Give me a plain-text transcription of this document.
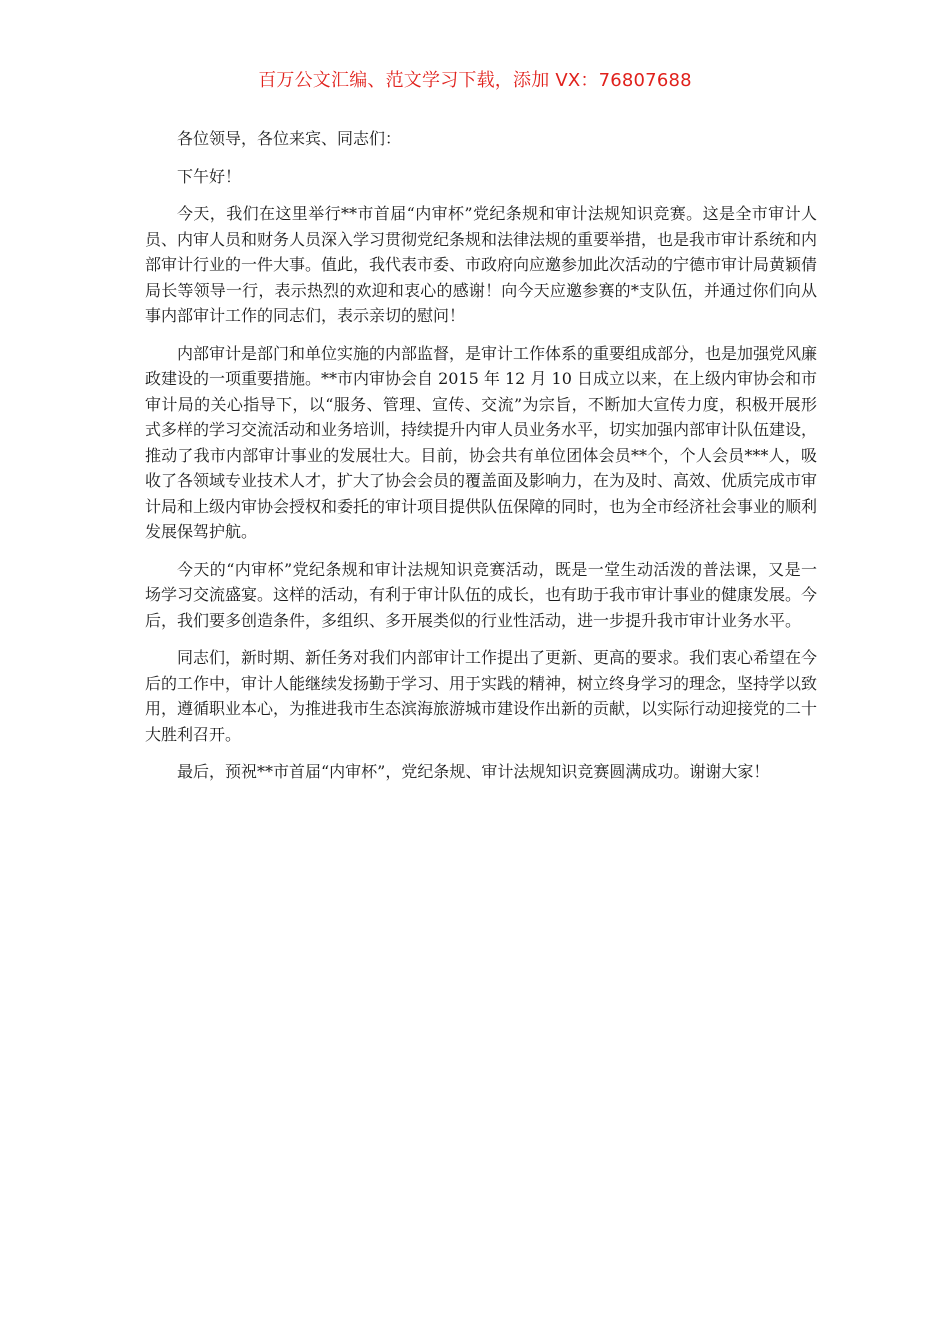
百万公文汇编、范文学习下载，添加 VX：76807688

各位领导，各位来宾、同志们：

下午好！

今天，我们在这里举行**市首届“内审杯”党纪条规和审计法规知识竞赛。这是全市审计人员、内审人员和财务人员深入学习贯彻党纪条规和法律法规的重要举措，也是我市审计系统和内部审计行业的一件大事。值此，我代表市委、市政府向应邀参加此次活动的宁德市审计局黄颖倩局长等领导一行，表示热烈的欢迎和衷心的感谢！向今天应邀参赛的*支队伍，并通过你们向从事内部审计工作的同志们，表示亲切的慰问！

内部审计是部门和单位实施的内部监督，是审计工作体系的重要组成部分，也是加强党风廉政建设的一项重要措施。**市内审协会自 2015 年 12 月 10 日成立以来，在上级内审协会和市审计局的关心指导下，以“服务、管理、宣传、交流”为宗旨，不断加大宣传力度，积极开展形式多样的学习交流活动和业务培训，持续提升内审人员业务水平，切实加强内部审计队伍建设，推动了我市内部审计事业的发展壮大。目前，协会共有单位团体会员**个，个人会员***人，吸收了各领域专业技术人才，扩大了协会会员的覆盖面及影响力，在为及时、高效、优质完成市审计局和上级内审协会授权和委托的审计项目提供队伍保障的同时，也为全市经济社会事业的顺利发展保驾护航。

今天的“内审杯”党纪条规和审计法规知识竞赛活动，既是一堂生动活泼的普法课，又是一场学习交流盛宴。这样的活动，有利于审计队伍的成长，也有助于我市审计事业的健康发展。今后，我们要多创造条件，多组织、多开展类似的行业性活动，进一步提升我市审计业务水平。

同志们，新时期、新任务对我们内部审计工作提出了更新、更高的要求。我们衷心希望在今后的工作中，审计人能继续发扬勤于学习、用于实践的精神，树立终身学习的理念，坚持学以致用，遵循职业本心，为推进我市生态滨海旅游城市建设作出新的贡献，以实际行动迎接党的二十大胜利召开。

最后，预祝**市首届“内审杯”，党纪条规、审计法规知识竞赛圆满成功。谢谢大家！
